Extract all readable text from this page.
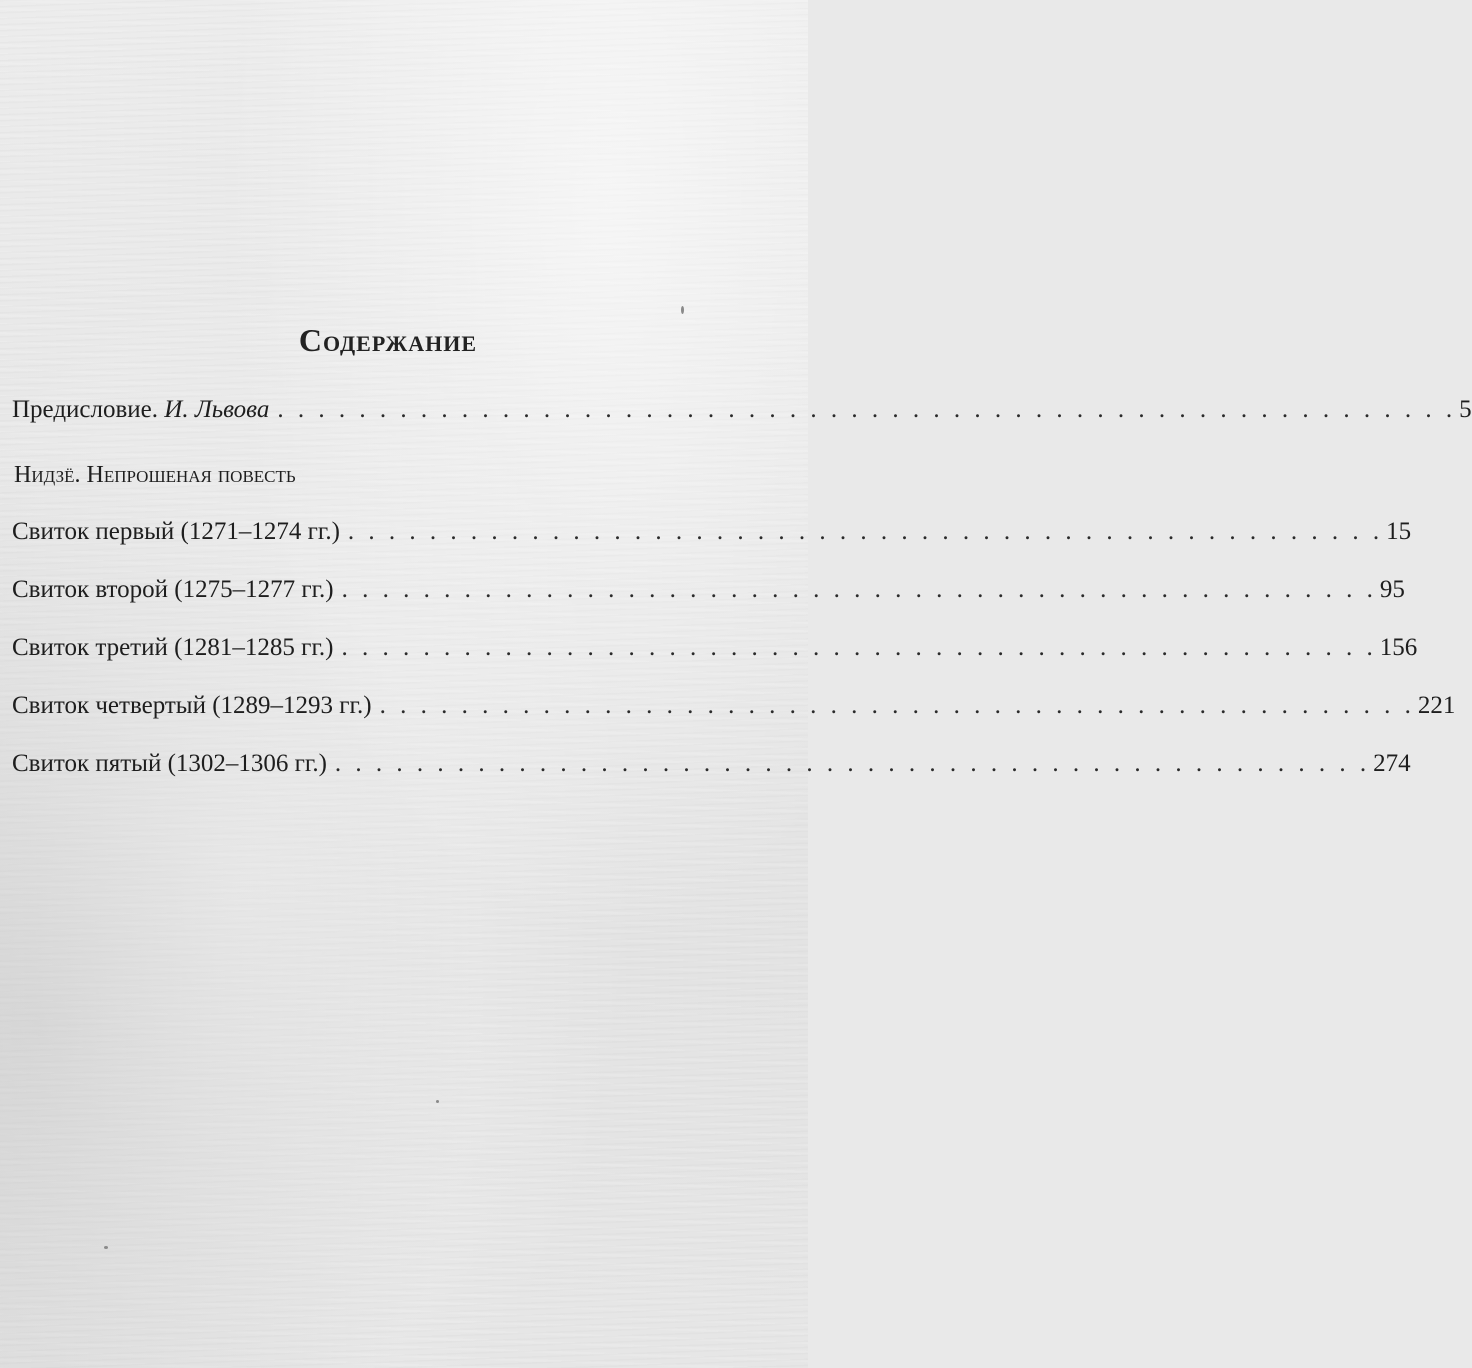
Содержание
Предисловие. И. Львова . . . . . . . . . . . . . . . . . . . . . . . . . . . . . . . . . . . . . . . . . . . . . . . . . . . . . . . . . . 5
Нидзё. Непрошеная повесть
Свиток первый (1271–1274 гг.) . . . . . . . . . . . . . . . . . . . . . . . . . . . . . . . . . . . . . . . . . . . . . . . . . . . 15
Свиток второй (1275–1277 гг.) . . . . . . . . . . . . . . . . . . . . . . . . . . . . . . . . . . . . . . . . . . . . . . . . . . . 95
Свиток третий (1281–1285 гг.) . . . . . . . . . . . . . . . . . . . . . . . . . . . . . . . . . . . . . . . . . . . . . . . . . . . 156
Свиток четвертый (1289–1293 гг.) . . . . . . . . . . . . . . . . . . . . . . . . . . . . . . . . . . . . . . . . . . . . . . . . . . . 221
Свиток пятый (1302–1306 гг.) . . . . . . . . . . . . . . . . . . . . . . . . . . . . . . . . . . . . . . . . . . . . . . . . . . . 274
